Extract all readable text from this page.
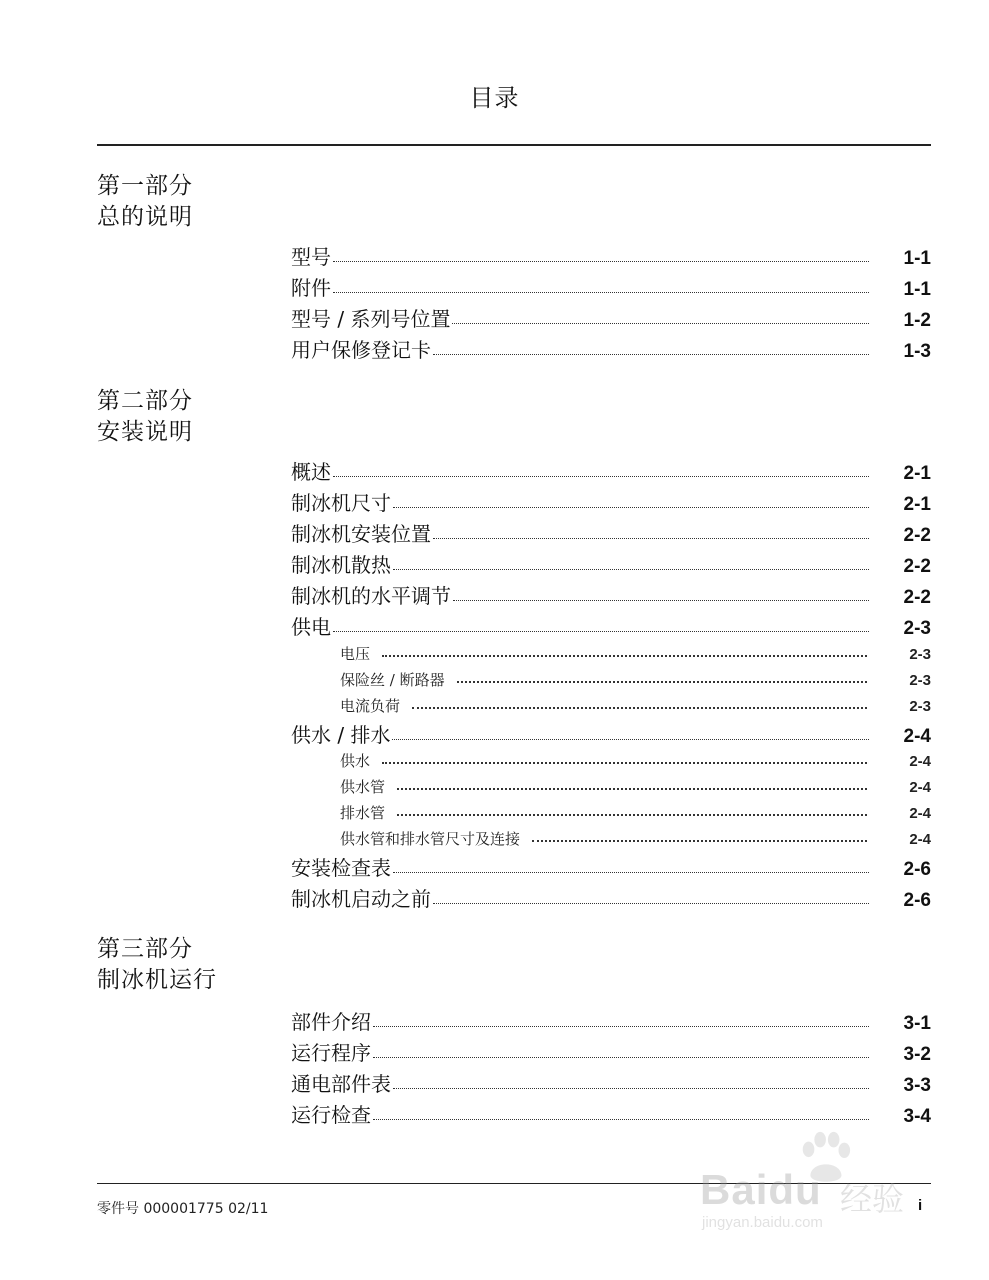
目录
第一部分
总的说明
型号	1-1
附件	1-1
型号 / 系列号位置	1-2
用户保修登记卡	1-3
第二部分
安装说明
概述	2-1
制冰机尺寸	2-1
制冰机安装位置	2-2
制冰机散热	2-2
制冰机的水平调节	2-2
供电	2-3
电压	2-3
保险丝 / 断路器	2-3
电流负荷	2-3
供水 / 排水	2-4
供水	2-4
供水管	2-4
排水管	2-4
供水管和排水管尺寸及连接	2-4
安装检查表	2-6
制冰机启动之前	2-6
第三部分
制冰机运行
部件介绍	3-1
运行程序	3-2
通电部件表	3-3
运行检查	3-4
零件号 000001775 02/11	i
Baidu 经验
jingyan.baidu.com
